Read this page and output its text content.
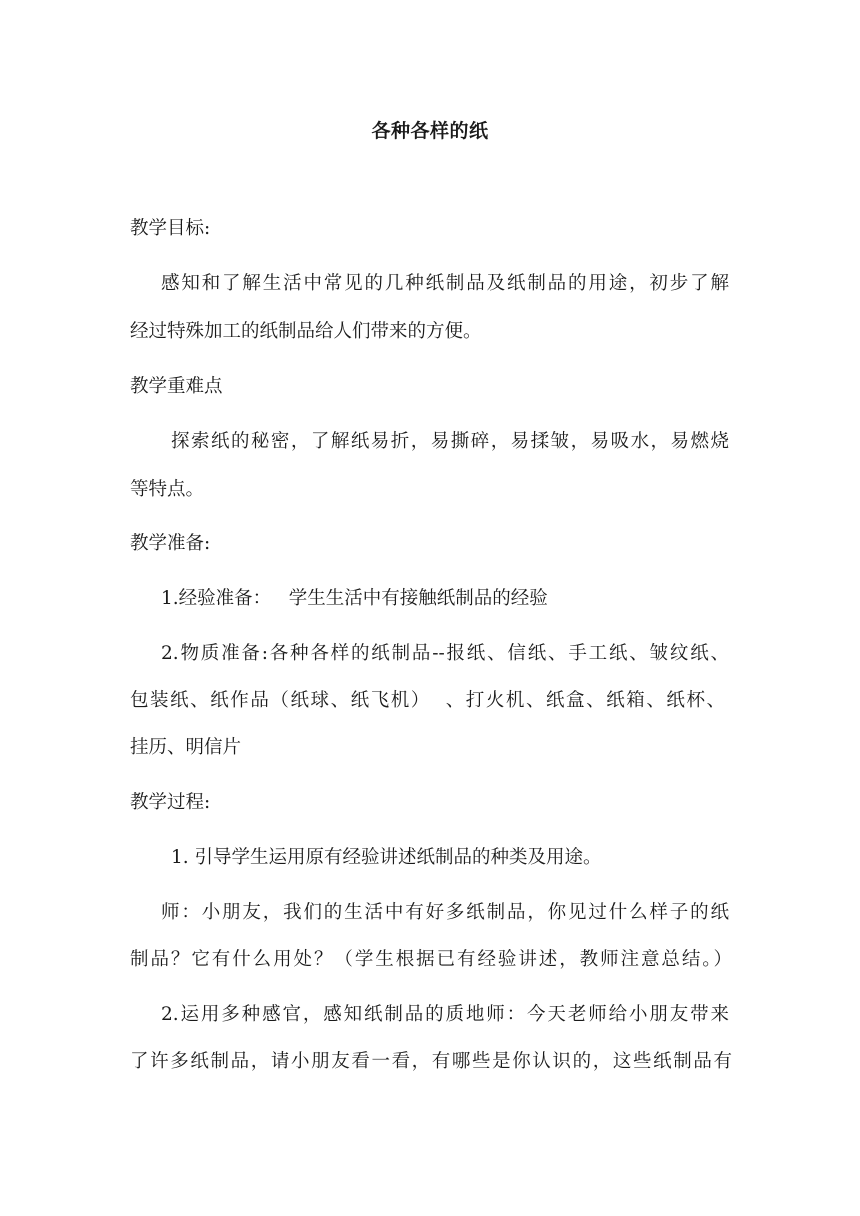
各种各样的纸
教学目标:
感知和了解生活中常见的几种纸制品及纸制品的用途，初步了解
经过特殊加工的纸制品给人们带来的方便。
教学重难点
探索纸的秘密，了解纸易折，易撕碎，易揉皱，易吸水，易燃烧
等特点。
教学准备:
1.经验准备：   学生生活中有接触纸制品的经验
2.物质准备:各种各样的纸制品--报纸、信纸、手工纸、皱纹纸、
包装纸、纸作品（纸球、纸飞机）  、打火机、纸盒、纸箱、纸杯、
挂历、明信片
教学过程:
1. 引导学生运用原有经验讲述纸制品的种类及用途。
师：小朋友，我们的生活中有好多纸制品，你见过什么样子的纸
制品？它有什么用处？（学生根据已有经验讲述，教师注意总结。）
2.运用多种感官，感知纸制品的质地师：今天老师给小朋友带来
了许多纸制品，请小朋友看一看，有哪些是你认识的，这些纸制品有
